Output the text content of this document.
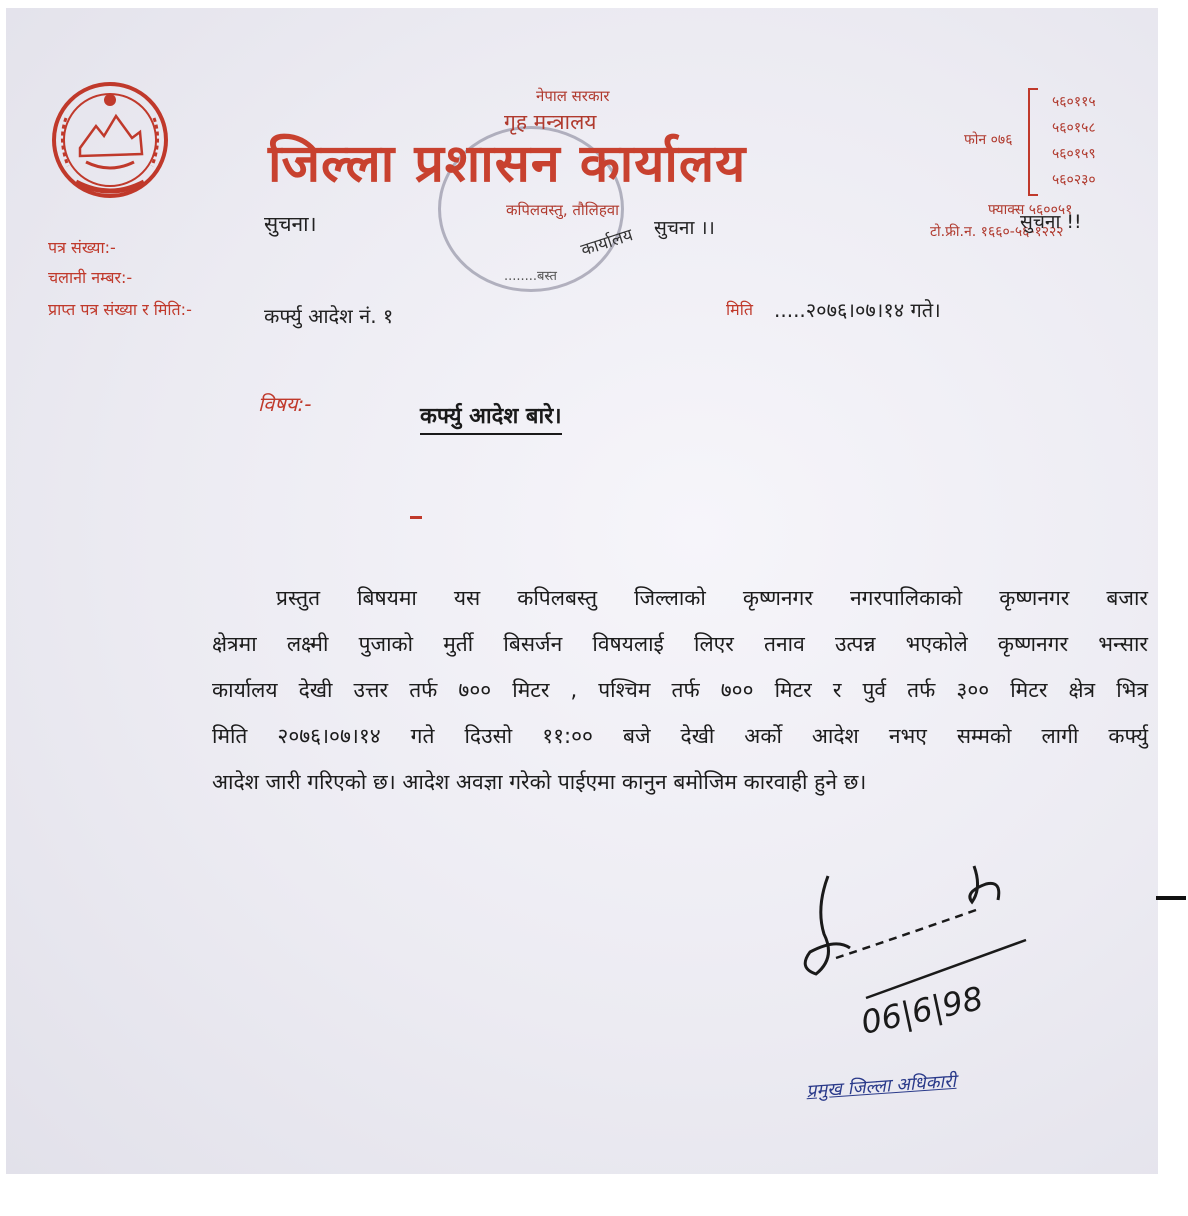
कार्यालय
........बस्त
नेपाल सरकार
गृह मन्त्रालय
जिल्ला प्रशासन कार्यालय
सुचना।
कपिलवस्तु, तौलिहवा
सुचना ।।
फोन ०७६
५६०११५
५६०१५८
५६०१५९
५६०२३०
फ्याक्स ५६००५१
टो.फ्री.न. १६६०-५६-१२२२
सुचना !!
पत्र संख्या:-
चलानी नम्बर:-
प्राप्त पत्र संख्या र मिति:-	कर्फ्यु आदेश नं. १	मिति .....२०७६।०७।१४ गते।
विषय:-	कर्फ्यु आदेश बारे।
प्रस्तुत बिषयमा यस कपिलबस्तु जिल्लाको कृष्णनगर नगरपालिकाको कृष्णनगर बजार
क्षेत्रमा लक्ष्मी पुजाको मुर्ती बिसर्जन विषयलाई लिएर तनाव उत्पन्न भएकोले कृष्णनगर भन्सार
कार्यालय देखी उत्तर तर्फ ७०० मिटर , पश्चिम तर्फ ७०० मिटर र पुर्व तर्फ ३०० मिटर क्षेत्र भित्र
मिति २०७६।०७।१४ गते दिउसो ११:०० बजे देखी अर्को आदेश नभए सम्मको लागी कर्फ्यु
आदेश जारी गरिएको छ। आदेश अवज्ञा गरेको पाईएमा कानुन बमोजिम कारवाही हुने छ।
06|6|98
प्रमुख जिल्ला अधिकारी
